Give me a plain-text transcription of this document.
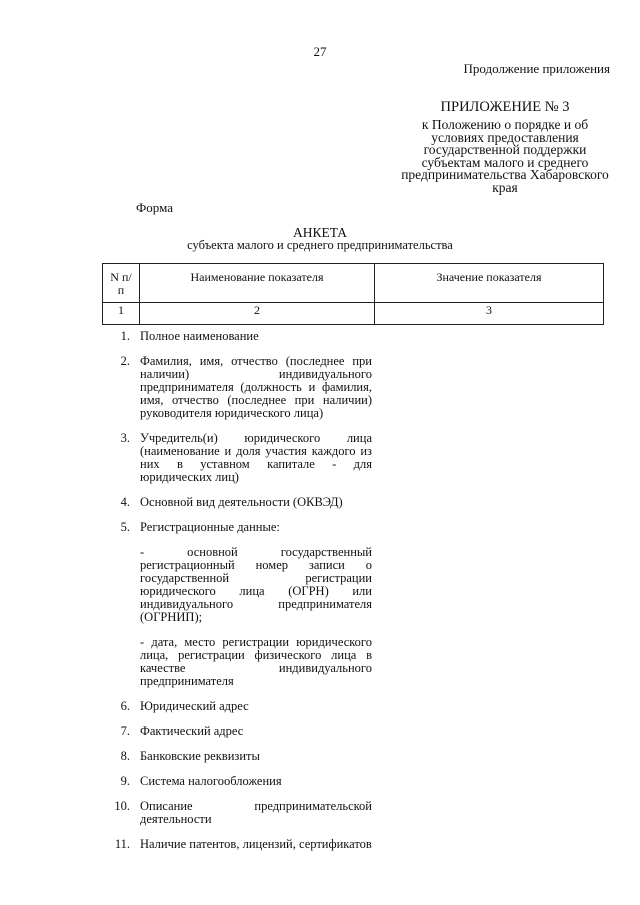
27
Продолжение приложения
ПРИЛОЖЕНИЕ № 3
к Положению о порядке и об условиях предоставления государственной поддержки субъектам малого и среднего предпринимательства Хабаровского края
Форма
АНКЕТА
субъекта малого и среднего предпринимательства
N п/п	Наименование показателя	Значение показателя

1	2	3
1. Полное наименование
2. Фамилия, имя, отчество (последнее при наличии) индивидуального предпринимателя (должность и фамилия, имя, отчество (последнее при наличии) руководителя юридического лица)
3. Учредитель(и) юридического лица (наименование и доля участия каждого из них в уставном капитале - для юридических лиц)
4. Основной вид деятельности (ОКВЭД)
5. Регистрационные данные:
- основной государственный регистрационный номер записи о государственной регистрации юридического лица (ОГРН) или индивидуального предпринимателя (ОГРНИП);
- дата, место регистрации юридического лица, регистрации физического лица в качестве индивидуального предпринимателя
6. Юридический адрес
7. Фактический адрес
8. Банковские реквизиты
9. Система налогообложения
10. Описание предпринимательской деятельности
11. Наличие патентов, лицензий, сертификатов
